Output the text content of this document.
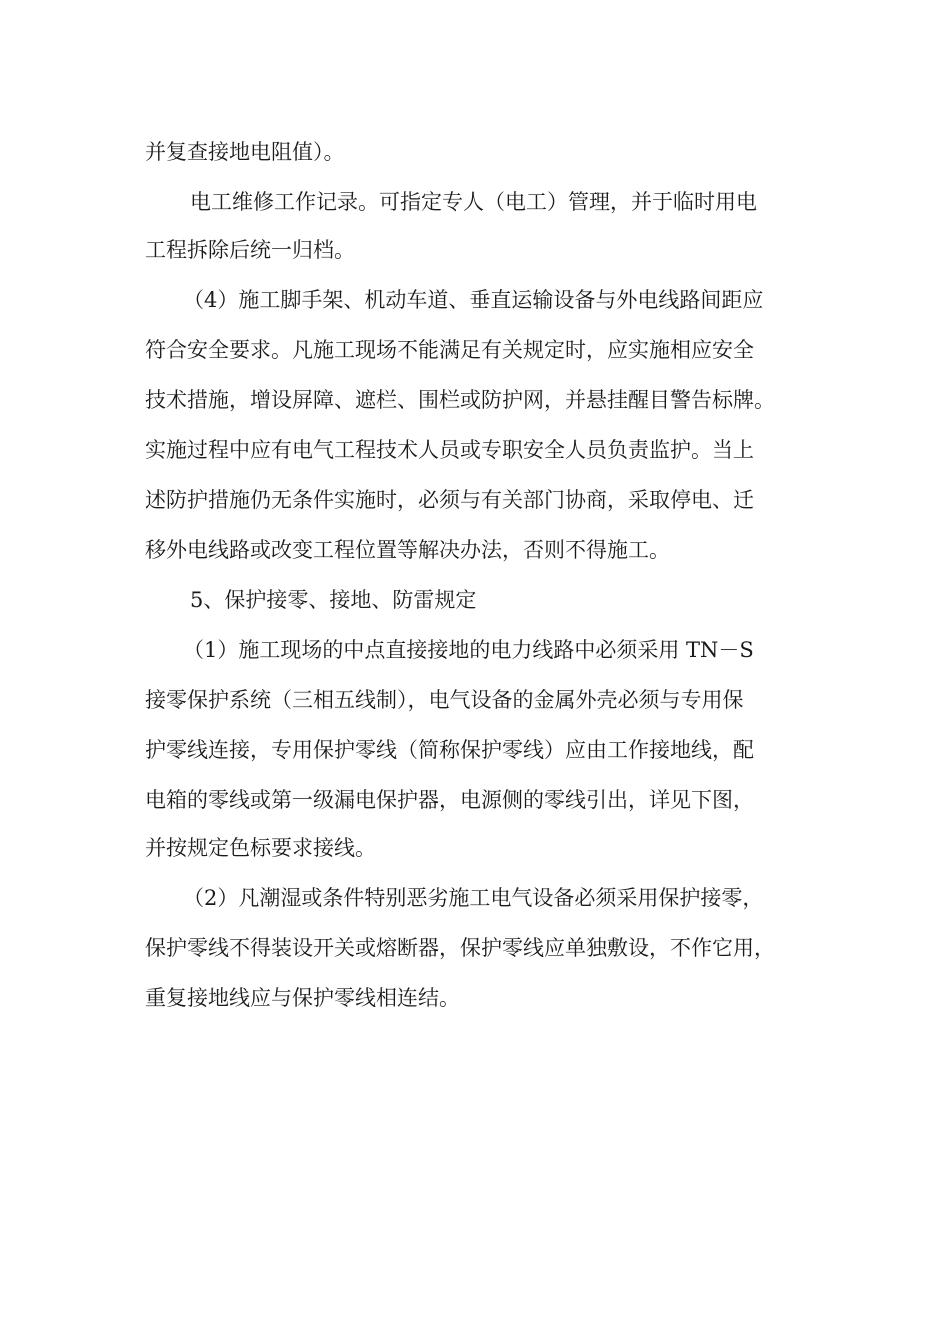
并复查接地电阻值）。
电工维修工作记录。可指定专人（电工）管理，并于临时用电
工程拆除后统一归档。
（4）施工脚手架、机动车道、垂直运输设备与外电线路间距应
符合安全要求。凡施工现场不能满足有关规定时，应实施相应安全
技术措施，增设屏障、遮栏、围栏或防护网，并悬挂醒目警告标牌。
实施过程中应有电气工程技术人员或专职安全人员负责监护。当上
述防护措施仍无条件实施时，必须与有关部门协商，采取停电、迁
移外电线路或改变工程位置等解决办法，否则不得施工。
5、保护接零、接地、防雷规定
（1）施工现场的中点直接接地的电力线路中必须采用 TN－S
接零保护系统（三相五线制），电气设备的金属外壳必须与专用保
护零线连接，专用保护零线（简称保护零线）应由工作接地线，配
电箱的零线或第一级漏电保护器，电源侧的零线引出，详见下图，
并按规定色标要求接线。
（2）凡潮湿或条件特别恶劣施工电气设备必须采用保护接零，
保护零线不得装设开关或熔断器，保护零线应单独敷设，不作它用，
重复接地线应与保护零线相连结。
